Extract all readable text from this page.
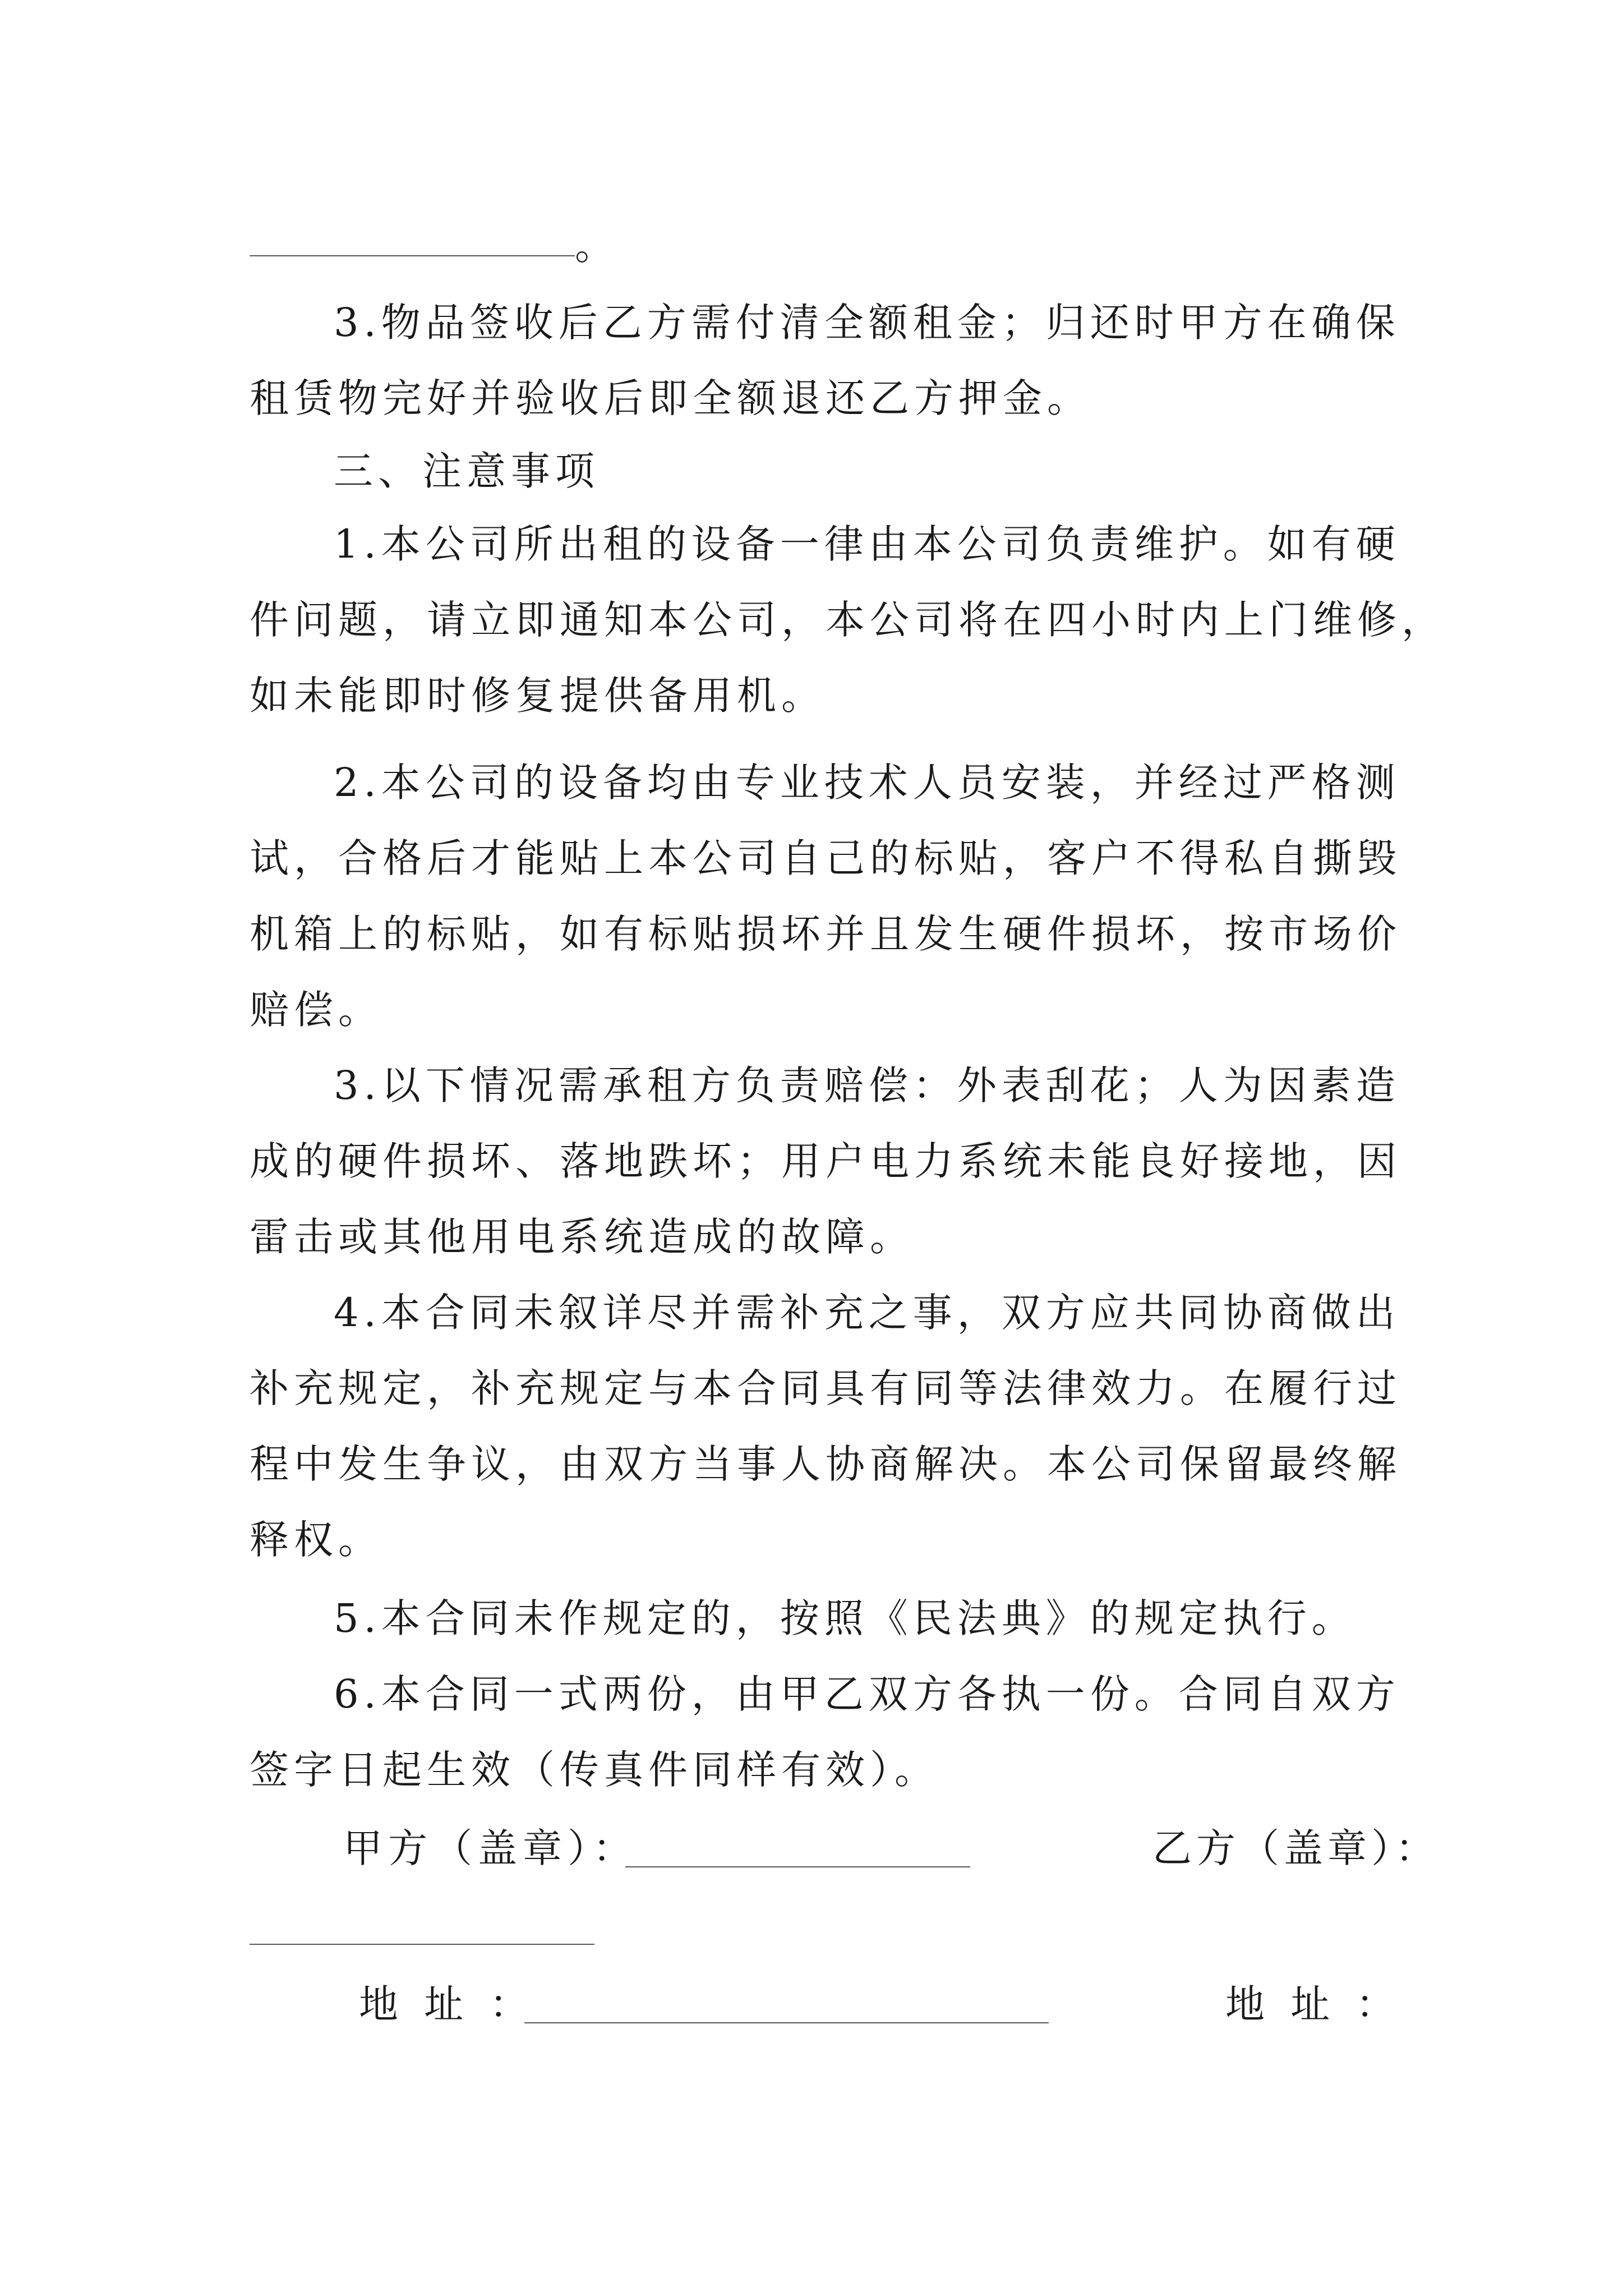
。
3.物品签收后乙方需付清全额租金；归还时甲方在确保
租赁物完好并验收后即全额退还乙方押金。
三、注意事项
1.本公司所出租的设备一律由本公司负责维护。如有硬
件问题，请立即通知本公司，本公司将在四小时内上门维修，
如未能即时修复提供备用机。
2.本公司的设备均由专业技术人员安装，并经过严格测
试，合格后才能贴上本公司自己的标贴，客户不得私自撕毁
机箱上的标贴，如有标贴损坏并且发生硬件损坏，按市场价
赔偿。
3.以下情况需承租方负责赔偿：外表刮花；人为因素造
成的硬件损坏、落地跌坏；用户电力系统未能良好接地，因
雷击或其他用电系统造成的故障。
4.本合同未叙详尽并需补充之事，双方应共同协商做出
补充规定，补充规定与本合同具有同等法律效力。在履行过
程中发生争议，由双方当事人协商解决。本公司保留最终解
释权。
5.本合同未作规定的，按照《民法典》的规定执行。
6.本合同一式两份，由甲乙双方各执一份。合同自双方
签字日起生效（传真件同样有效）。
甲方（盖章）：	乙方（盖章）：
地 址 ：	地 址 ：
